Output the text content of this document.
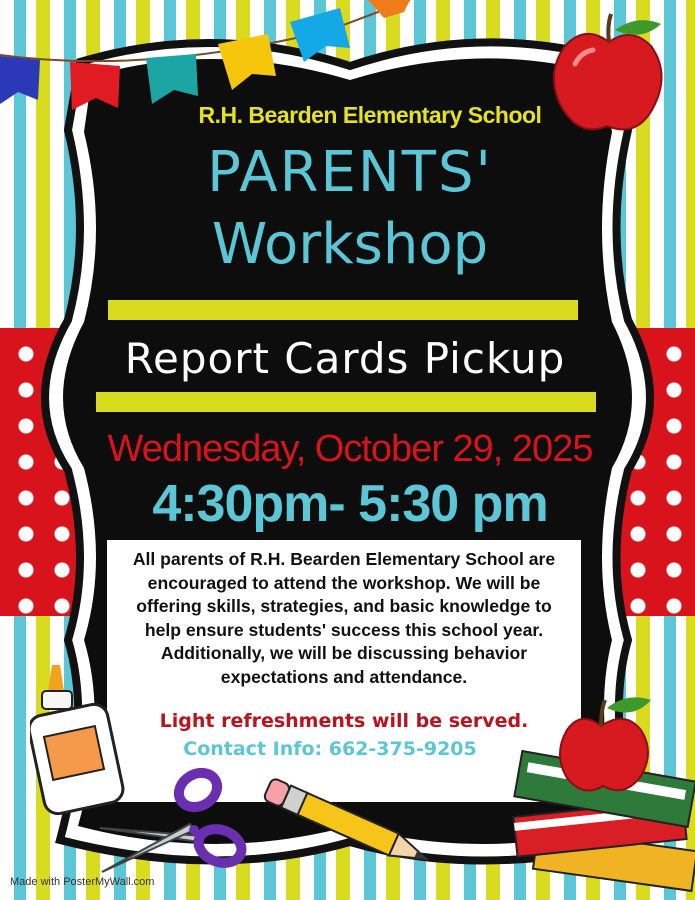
R.H. Bearden Elementary School
PARENTS'
Workshop
Report Cards Pickup
Wednesday, October 29, 2025
4:30pm- 5:30 pm
All parents of R.H. Bearden Elementary School are encouraged to attend the workshop. We will be offering skills, strategies, and basic knowledge to help ensure students' success this school year. Additionally, we will be discussing behavior expectations and attendance.
Light refreshments will be served.
Contact Info: 662-375-9205
Made with PosterMyWall.com
